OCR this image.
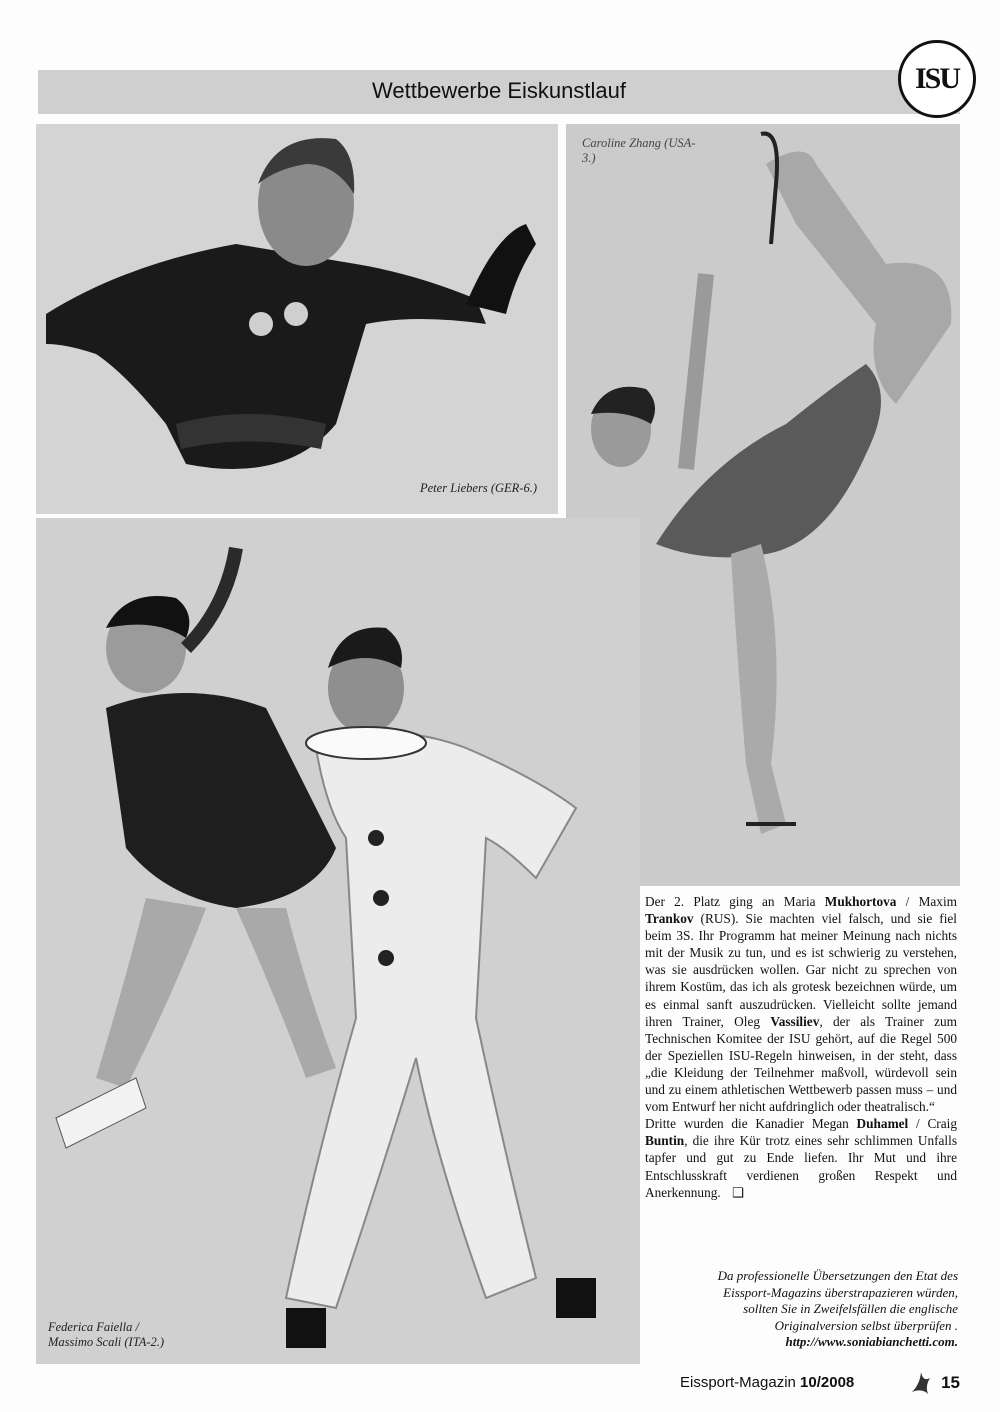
Wettbewerbe Eiskunstlauf	ISU
Peter Liebers (GER-6.)
Caroline Zhang (USA-
3.)
Federica Faiella /
Massimo Scali (ITA-2.)

Der 2. Platz ging an Maria Mukhortova / Maxim Trankov (RUS). Sie machten viel falsch, und sie fiel beim 3S. Ihr Programm hat meiner Meinung nach nichts mit der Musik zu tun, und es ist schwierig zu verstehen, was sie ausdrücken wollen. Gar nicht zu sprechen von ihrem Kostüm, das ich als grotesk bezeichnen würde, um es einmal sanft auszudrücken. Vielleicht sollte jemand ihren Trainer, Oleg Vassiliev, der als Trainer zum Technischen Komitee der ISU gehört, auf die Regel 500 der Speziellen ISU-Regeln hinweisen, in der steht, dass „die Kleidung der Teilnehmer maßvoll, würdevoll sein und zu einem athletischen Wettbewerb passen muss – und vom Entwurf her nicht aufdringlich oder theatralisch.“

Dritte wurden die Kanadier Megan Duhamel / Craig Buntin, die ihre Kür trotz eines sehr schlimmen Unfalls tapfer und gut zu Ende liefen. Ihr Mut und ihre Entschlusskraft verdienen großen Respekt und Anerkennung. ❑

Da professionelle Übersetzungen den Etat des
Eissport-Magazins überstrapazieren würden,
sollten Sie in Zweifelsfällen die englische
Originalversion selbst überprüfen .
http://www.soniabianchetti.com.
Eissport-Magazin 10/2008	15
